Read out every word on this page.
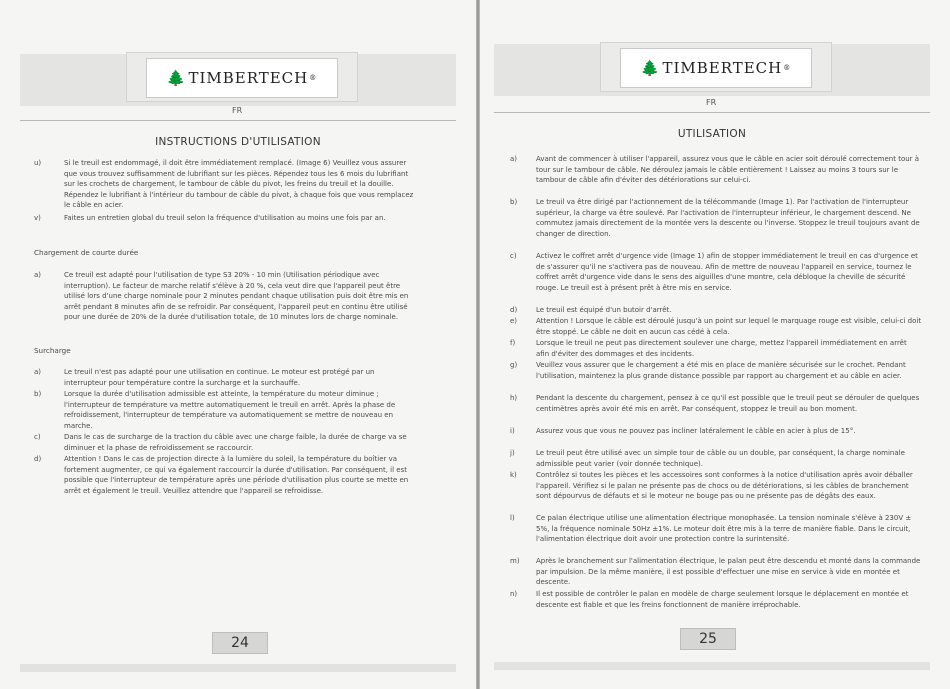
🌲 TIMBERTECH ®
FR
INSTRUCTIONS D'UTILISATION
u)	Si le treuil est endommagé, il doit être immédiatement remplacé. (Image 6) Veuillez vous assurer que vous trouvez suffisamment de lubrifiant sur les pièces. Répendez tous les 6 mois du lubrifiant sur les crochets de chargement, le tambour de câble du pivot, les freins du treuil et la douille. Répendez le lubrifiant à l'intérieur du tambour de câble du pivot, à chaque fois que vous remplacez le câble en acier.
v)	Faites un entretien global du treuil selon la fréquence d'utilisation au moins une fois par an.
Chargement de courte durée
a)	Ce treuil est adapté pour l'utilisation de type S3 20% - 10 min (Utilisation périodique avec interruption). Le facteur de marche relatif s'élève à 20 %, cela veut dire que l'appareil peut être utilisé lors d'une charge nominale pour 2 minutes pendant chaque utilisation puis doit être mis en arrêt pendant 8 minutes afin de se refroidir. Par conséquent, l'appareil peut en continu être utilisé pour une durée de 20% de la durée d'utilisation totale, de 10 minutes lors de charge nominale.
Surcharge
a)	Le treuil n'est pas adapté pour une utilisation en continue. Le moteur est protégé par un interrupteur pour température contre la surcharge et la surchauffe.
b)	Lorsque la durée d'utilisation admissible est atteinte, la température du moteur diminue ; l'interrupteur de température va mettre automatiquement le treuil en arrêt. Après la phase de refroidissement, l'interrupteur de température va automatiquement se mettre de nouveau en marche.
c)	Dans le cas de surcharge de la traction du câble avec une charge faible, la durée de charge va se diminuer et la phase de refroidissement se raccourcir.
d)	Attention ! Dans le cas de projection directe à la lumière du soleil, la température du boîtier va fortement augmenter, ce qui va également raccourcir la durée d'utilisation. Par conséquent, il est possible que l'interrupteur de température après une période d'utilisation plus courte se mette en arrêt et également le treuil. Veuillez attendre que l'appareil se refroidisse.
24
🌲 TIMBERTECH ®
FR
UTILISATION
a)	Avant de commencer à utiliser l'appareil, assurez vous que le câble en acier soit déroulé correctement tour à tour sur le tambour de câble. Ne déroulez jamais le câble entièrement ! Laissez au moins 3 tours sur le tambour de câble afin d'éviter des détériorations sur celui-ci.
b)	Le treuil va être dirigé par l'actionnement de la télécommande (Image 1). Par l'activation de l'interrupteur supérieur, la charge va être soulevé. Par l'activation de l'interrupteur inférieur, le chargement descend. Ne commutez jamais directement de la montée vers la descente ou l'inverse. Stoppez le treuil toujours avant de changer de direction.
c)	Activez le coffret arrêt d'urgence vide (Image 1) afin de stopper immédiatement le treuil en cas d'urgence et de s'assurer qu'il ne s'activera pas de nouveau. Afin de mettre de nouveau l'appareil en service, tournez le coffret arrêt d'urgence vide dans le sens des aiguilles d'une montre, cela débloque la cheville de sécurité rouge. Le treuil est à présent prêt à être mis en service.
d)	Le treuil est équipé d'un butoir d'arrêt.
e)	Attention ! Lorsque le câble est déroulé jusqu'à un point sur lequel le marquage rouge est visible, celui-ci doit être stoppé. Le câble ne doit en aucun cas cédé à cela.
f)	Lorsque le treuil ne peut pas directement soulever une charge, mettez l'appareil immédiatement en arrêt afin d'éviter des dommages et des incidents.
g)	Veuillez vous assurer que le chargement a été mis en place de manière sécurisée sur le crochet. Pendant l'utilisation, maintenez la plus grande distance possible par rapport au chargement et au câble en acier.
h)	Pendant la descente du chargement, pensez à ce qu'il est possible que le treuil peut se dérouler de quelques centimètres après avoir été mis en arrêt. Par conséquent, stoppez le treuil au bon moment.
i)	Assurez vous que vous ne pouvez pas incliner latéralement le câble en acier à plus de 15°.
j)	Le treuil peut être utilisé avec un simple tour de câble ou un double, par conséquent, la charge nominale admissible peut varier (voir donnée technique).
k)	Contrôlez si toutes les pièces et les accessoires sont conformes à la notice d'utilisation après avoir déballer l'appareil. Vérifiez si le palan ne présente pas de chocs ou de détériorations, si les câbles de branchement sont dépourvus de défauts et si le moteur ne bouge pas ou ne présente pas de dégâts des eaux.
l)	Ce palan électrique utilise une alimentation électrique monophasée. La tension nominale s'élève à 230V ± 5%, la fréquence nominale 50Hz ±1%. Le moteur doit être mis à la terre de manière fiable. Dans le circuit, l'alimentation électrique doit avoir une protection contre la surintensité.
m) Après le branchement sur l'alimentation électrique, le palan peut être descendu et monté dans la commande par impulsion. De la même manière, il est possible d'effectuer une mise en service à vide en montée et descente.
n)	Il est possible de contrôler le palan en modèle de charge seulement lorsque le déplacement en montée et descente est fiable et que les freins fonctionnent de manière irréprochable.
25
